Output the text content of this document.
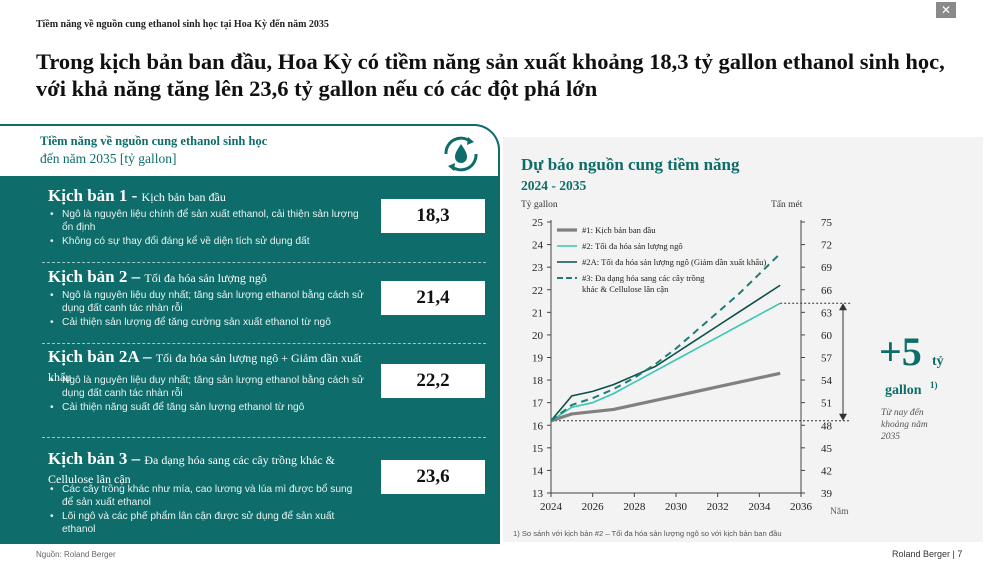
Tiềm năng về nguồn cung ethanol sinh học tại Hoa Kỳ đến năm 2035
✕
Trong kịch bản ban đầu, Hoa Kỳ có tiềm năng sản xuất khoảng 18,3 tỷ gallon ethanol sinh học,
với khả năng tăng lên 23,6 tỷ gallon nếu có các đột phá lớn
Tiềm năng về nguồn cung ethanol sinh học
đến năm 2035 [tỷ gallon]
Kịch bản 1 - Kịch bản ban đầu
• Ngô là nguyên liệu chính để sản xuất ethanol, cải thiện sản lượng ổn định
• Không có sự thay đổi đáng kể về diện tích sử dụng đất
18,3
Kịch bản 2 – Tối đa hóa sản lượng ngô
• Ngô là nguyên liệu duy nhất; tăng sản lượng ethanol bằng cách sử dụng đất canh tác nhàn rỗi
• Cải thiện sản lượng để tăng cường sản xuất ethanol từ ngô
21,4
Kịch bản 2A – Tối đa hóa sản lượng ngô + Giảm dần xuất khẩu
• Ngô là nguyên liệu duy nhất; tăng sản lượng ethanol bằng cách sử dụng đất canh tác nhàn rỗi
• Cải thiện năng suất để tăng sản lượng ethanol từ ngô
22,2
Kịch bản 3 – Đa dạng hóa sang các cây trồng khác & Cellulose lân cận
• Các cây trồng khác như mía, cao lương và lúa mì được bổ sung để sản xuất ethanol
• Lõi ngô và các phế phẩm lân cận được sử dụng để sản xuất ethanol
23,6
Dự báo nguồn cung tiềm năng
2024 - 2035
Tỷ gallon	Tấn mét
13
14
15
16
17
18
19
20
21
22
23
24
25
39
42
45
48
51
54
57
60
63
66
69
72
75
2024 2026 2028 2030 2032 2034 2036 Năm
#1: Kịch bản ban đầu
#2: Tối đa hóa sản lượng ngô
#2A: Tối đa hóa sản lượng ngô (Giảm dần xuất khẩu)
#3: Đa dạng hóa sang các cây trồng
khác & Cellulose lân cận
+5 tỷ
gallon 1)
Từ nay đến
khoảng năm
2035
1) So sánh với kịch bản #2 – Tối đa hóa sản lượng ngô so với kịch bản ban đầu
Nguồn: Roland Berger	Roland Berger | 7
